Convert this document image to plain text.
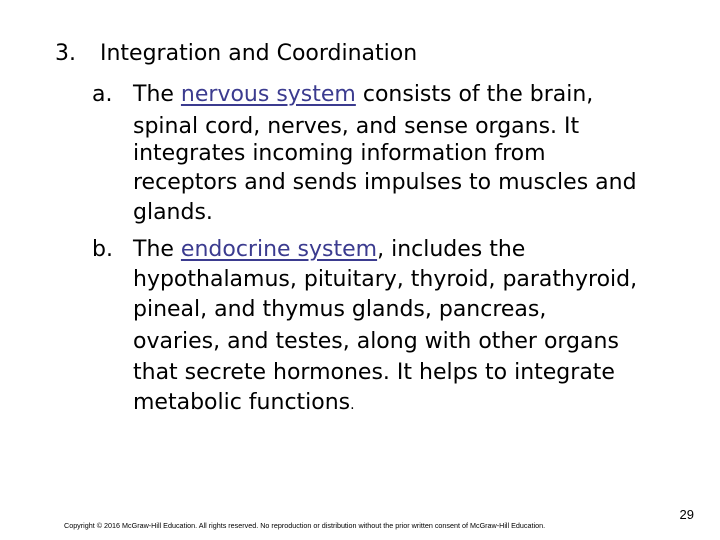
3. Integration and Coordination
a. The nervous system consists of the brain,
spinal cord, nerves, and sense organs. It
integrates incoming information from
receptors and sends impulses to muscles and
glands.
b. The endocrine system, includes the
hypothalamus, pituitary, thyroid, parathyroid,
pineal, and thymus glands, pancreas,
ovaries, and testes, along with other organs
that secrete hormones. It helps to integrate
metabolic functions.
29
Copyright © 2016 McGraw-Hill Education. All rights reserved. No reproduction or distribution without the prior written consent of McGraw-Hill Education.
